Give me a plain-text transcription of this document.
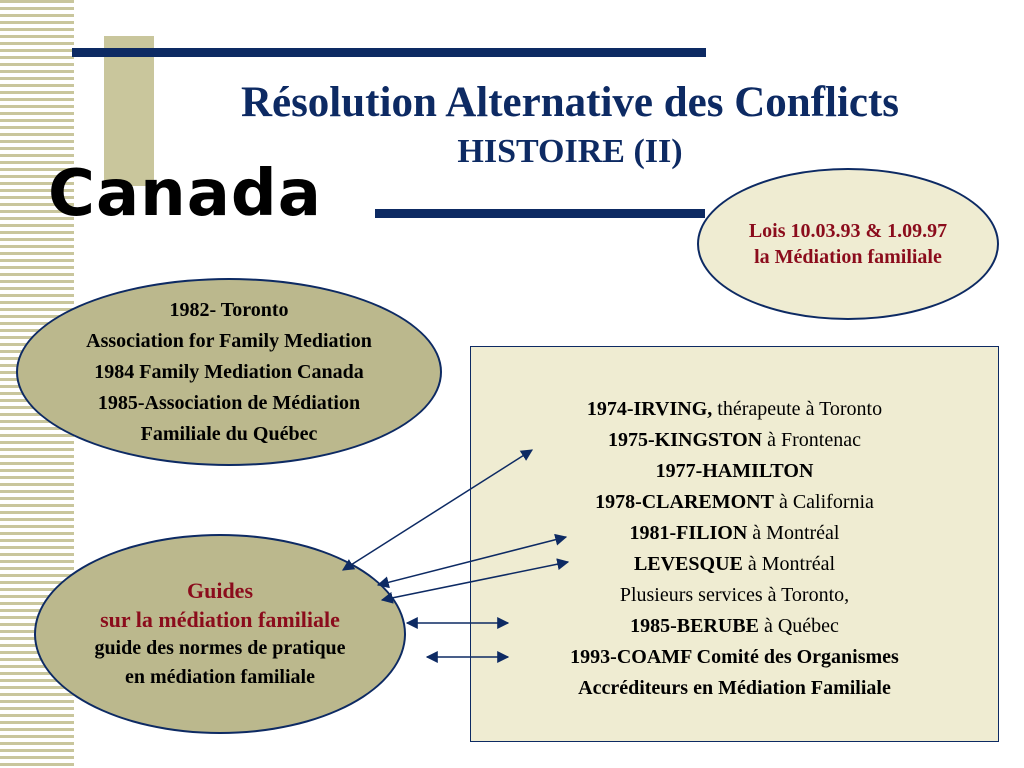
Résolution Alternative des Conflicts
HISTOIRE (II)
Canada	Lois 10.03.93 & 1.09.97
la Médiation familiale
1982- Toronto
Association for Family Mediation
1984 Family Mediation Canada
1985-Association de Médiation
Familiale du Québec
Guides
sur la médiation familiale
guide des normes de pratique
en médiation familiale
1974-IRVING, thérapeute à Toronto
1975-KINGSTON à Frontenac
1977-HAMILTON
1978-CLAREMONT à California
1981-FILION à Montréal
LEVESQUE à Montréal
Plusieurs services à Toronto,
1985-BERUBE à Québec
1993-COAMF Comité des Organismes
Accréditeurs en Médiation Familiale
